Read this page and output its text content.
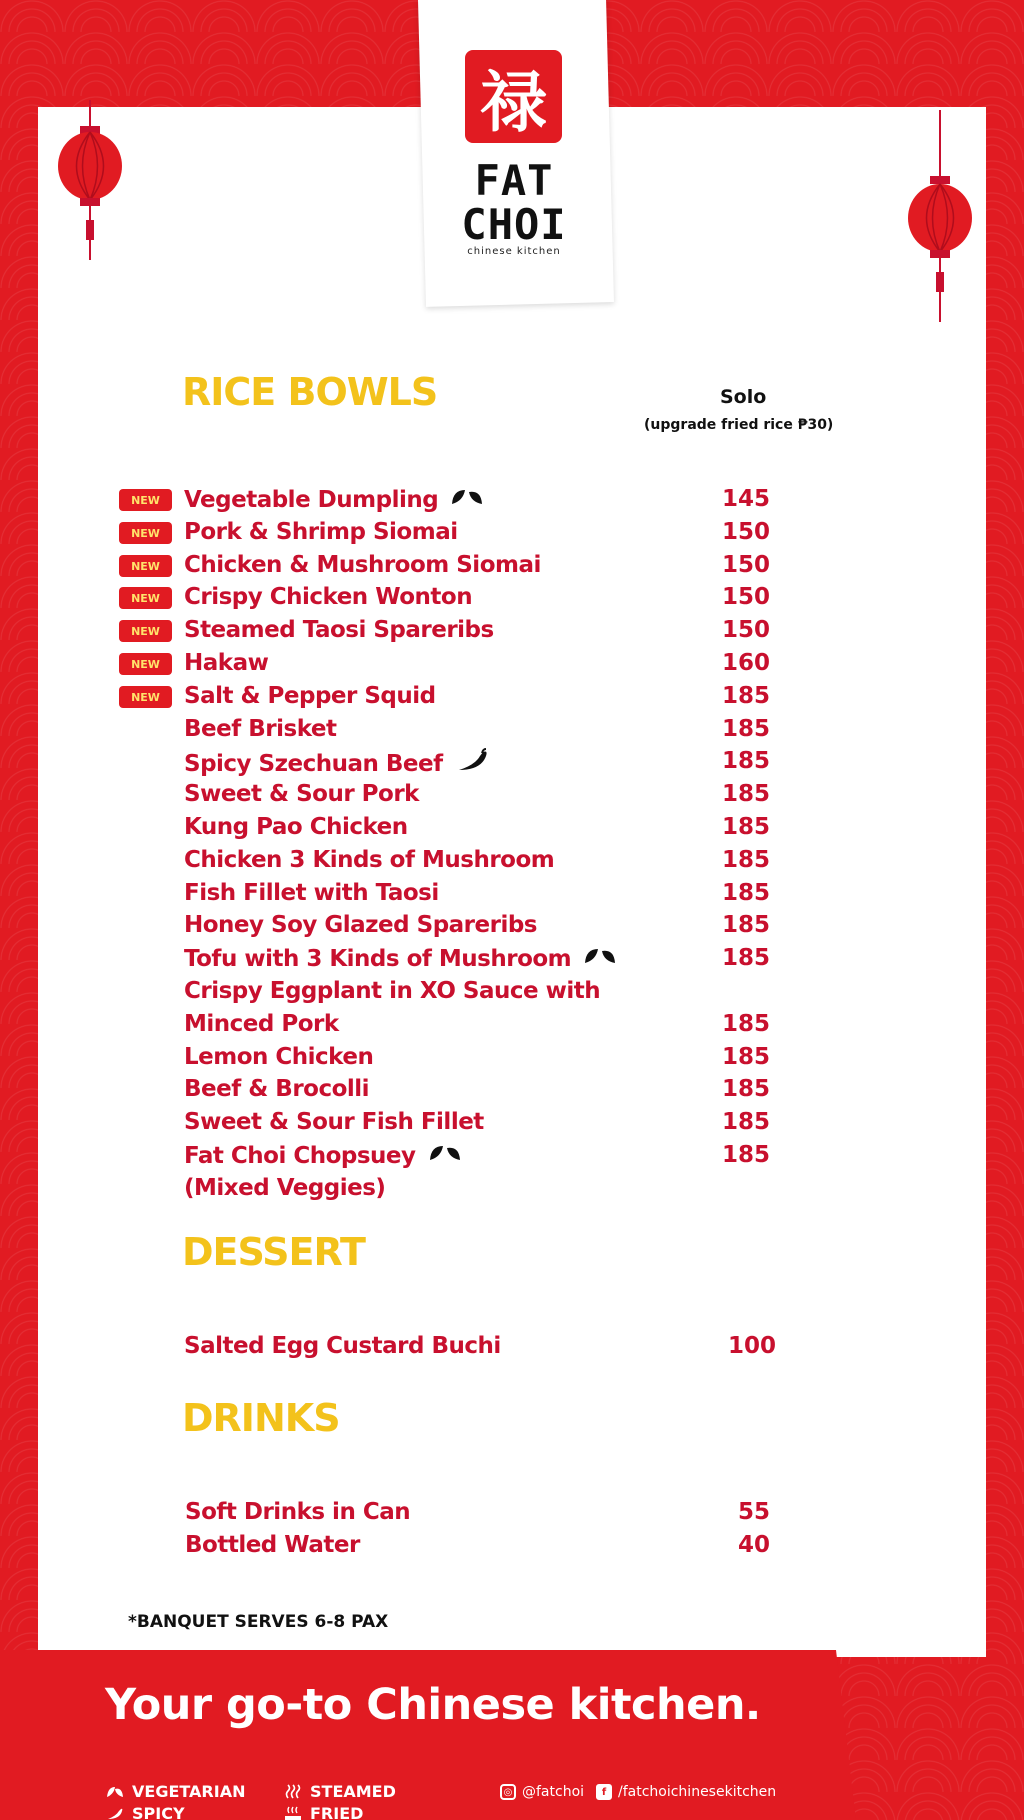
禄
FAT
CHOI
chinese kitchen
RICE BOWLS	Solo
(upgrade fried rice ₱30)
NEW	Vegetable Dumpling	145
NEW	Pork & Shrimp Siomai	150
NEW	Chicken & Mushroom Siomai	150
NEW	Crispy Chicken Wonton	150
NEW	Steamed Taosi Spareribs	150
NEW	Hakaw	160
NEW	Salt & Pepper Squid	185
Beef Brisket	185
Spicy Szechuan Beef	185
Sweet & Sour Pork	185
Kung Pao Chicken	185
Chicken 3 Kinds of Mushroom	185
Fish Fillet with Taosi	185
Honey Soy Glazed Spareribs	185
Tofu with 3 Kinds of Mushroom	185
Crispy Eggplant in XO Sauce with
Minced Pork	185
Lemon Chicken	185
Beef & Brocolli	185
Sweet & Sour Fish Fillet	185
Fat Choi Chopsuey	185
(Mixed Veggies)
DESSERT
Salted Egg Custard Buchi	100
DRINKS
Soft Drinks in Can	55
Bottled Water	40
*BANQUET SERVES 6-8 PAX
Your go-to Chinese kitchen.
VEGETARIAN
SPICY
STEAMED
FRIED
◎ @fatchoi	f /fatchoichinesekitchen
